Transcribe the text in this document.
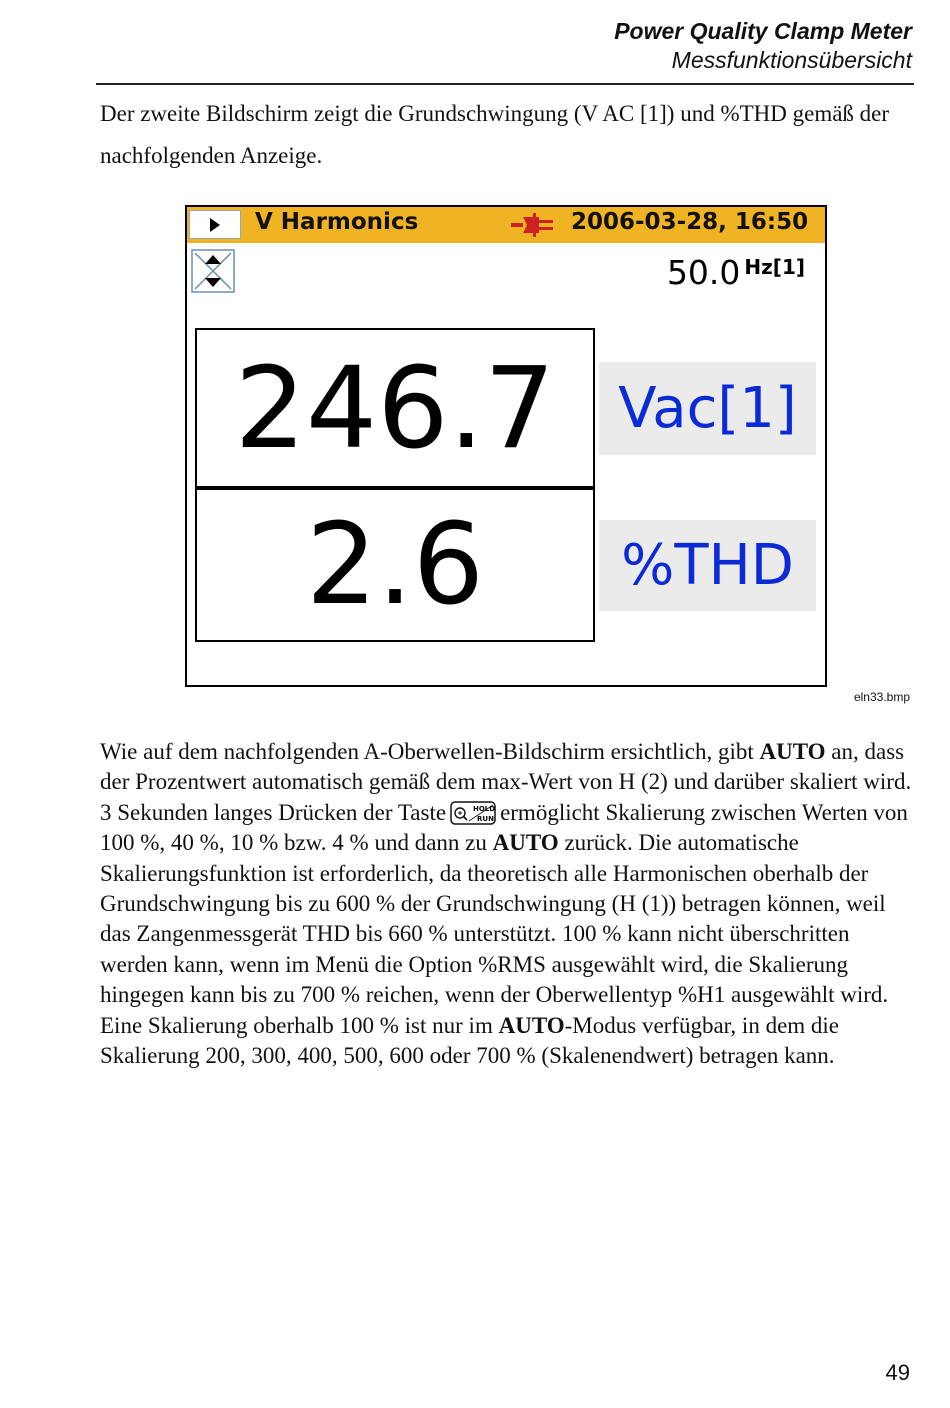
Power Quality Clamp Meter
Messfunktionsübersicht

Der zweite Bildschirm zeigt die Grundschwingung (V AC [1]) und %THD gemäß der nachfolgenden Anzeige.

V Harmonics	2006-03-28, 16:50
50.0 Hz[1]
246.7
2.6
Vac[1]
%THD
eln33.bmp

Wie auf dem nachfolgenden A-Oberwellen-Bildschirm ersichtlich, gibt AUTO an, dass der Prozentwert automatisch gemäß dem max-Wert von H (2) und darüber skaliert wird. 3 Sekunden langes Drücken der Taste	HOLD
RUN ermöglicht Skalierung zwischen Werten von 100 %, 40 %, 10 % bzw. 4 % und dann zu AUTO zurück. Die automatische Skalierungsfunktion ist erforderlich, da theoretisch alle Harmonischen oberhalb der Grundschwingung bis zu 600 % der Grundschwingung (H (1)) betragen können, weil das Zangenmessgerät THD bis 660 % unterstützt. 100 % kann nicht überschritten werden kann, wenn im Menü die Option %RMS ausgewählt wird, die Skalierung hingegen kann bis zu 700 % reichen, wenn der Oberwellentyp %H1 ausgewählt wird. Eine Skalierung oberhalb 100 % ist nur im AUTO-Modus verfügbar, in dem die Skalierung 200, 300, 400, 500, 600 oder 700 % (Skalenendwert) betragen kann.

49
